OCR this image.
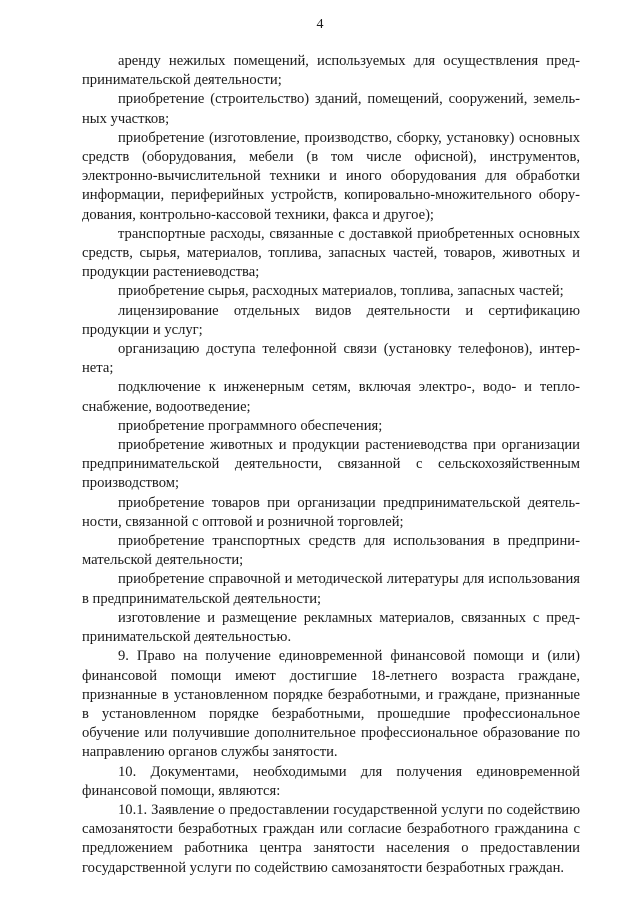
4

аренду нежилых помещений, используемых для осуществления предпринимательской деятельности;

приобретение (строительство) зданий, помещений, сооружений, земельных участков;

приобретение (изготовление, производство, сборку, установку) основных средств (оборудования, мебели (в том числе офисной), инструментов, электронно-вычислительной техники и иного оборудования для обработки информации, периферийных устройств, копировально-множительного оборудования, контрольно-кассовой техники, факса и другое);

транспортные расходы, связанные с доставкой приобретенных основных средств, сырья, материалов, топлива, запасных частей, товаров, животных и продукции растениеводства;

приобретение сырья, расходных материалов, топлива, запасных частей;

лицензирование отдельных видов деятельности и сертификацию продукции и услуг;

организацию доступа телефонной связи (установку телефонов), интернета;

подключение к инженерным сетям, включая электро-, водо- и теплоснабжение, водоотведение;

приобретение программного обеспечения;

приобретение животных и продукции растениеводства при организации предпринимательской деятельности, связанной с сельскохозяйственным производством;

приобретение товаров при организации предпринимательской деятельности, связанной с оптовой и розничной торговлей;

приобретение транспортных средств для использования в предпринимательской деятельности;

приобретение справочной и методической литературы для использования в предпринимательской деятельности;

изготовление и размещение рекламных материалов, связанных с предпринимательской деятельностью.

9. Право на получение единовременной финансовой помощи и (или) финансовой помощи имеют достигшие 18-летнего возраста граждане, признанные в установленном порядке безработными, и граждане, признанные в установленном порядке безработными, прошедшие профессиональное обучение или получившие дополнительное профессиональное образование по направлению органов службы занятости.

10. Документами, необходимыми для получения единовременной финансовой помощи, являются:

10.1. Заявление о предоставлении государственной услуги по содействию самозанятости безработных граждан или согласие безработного гражданина с предложением работника центра занятости населения о предоставлении государственной услуги по содействию самозанятости безработных граждан.
